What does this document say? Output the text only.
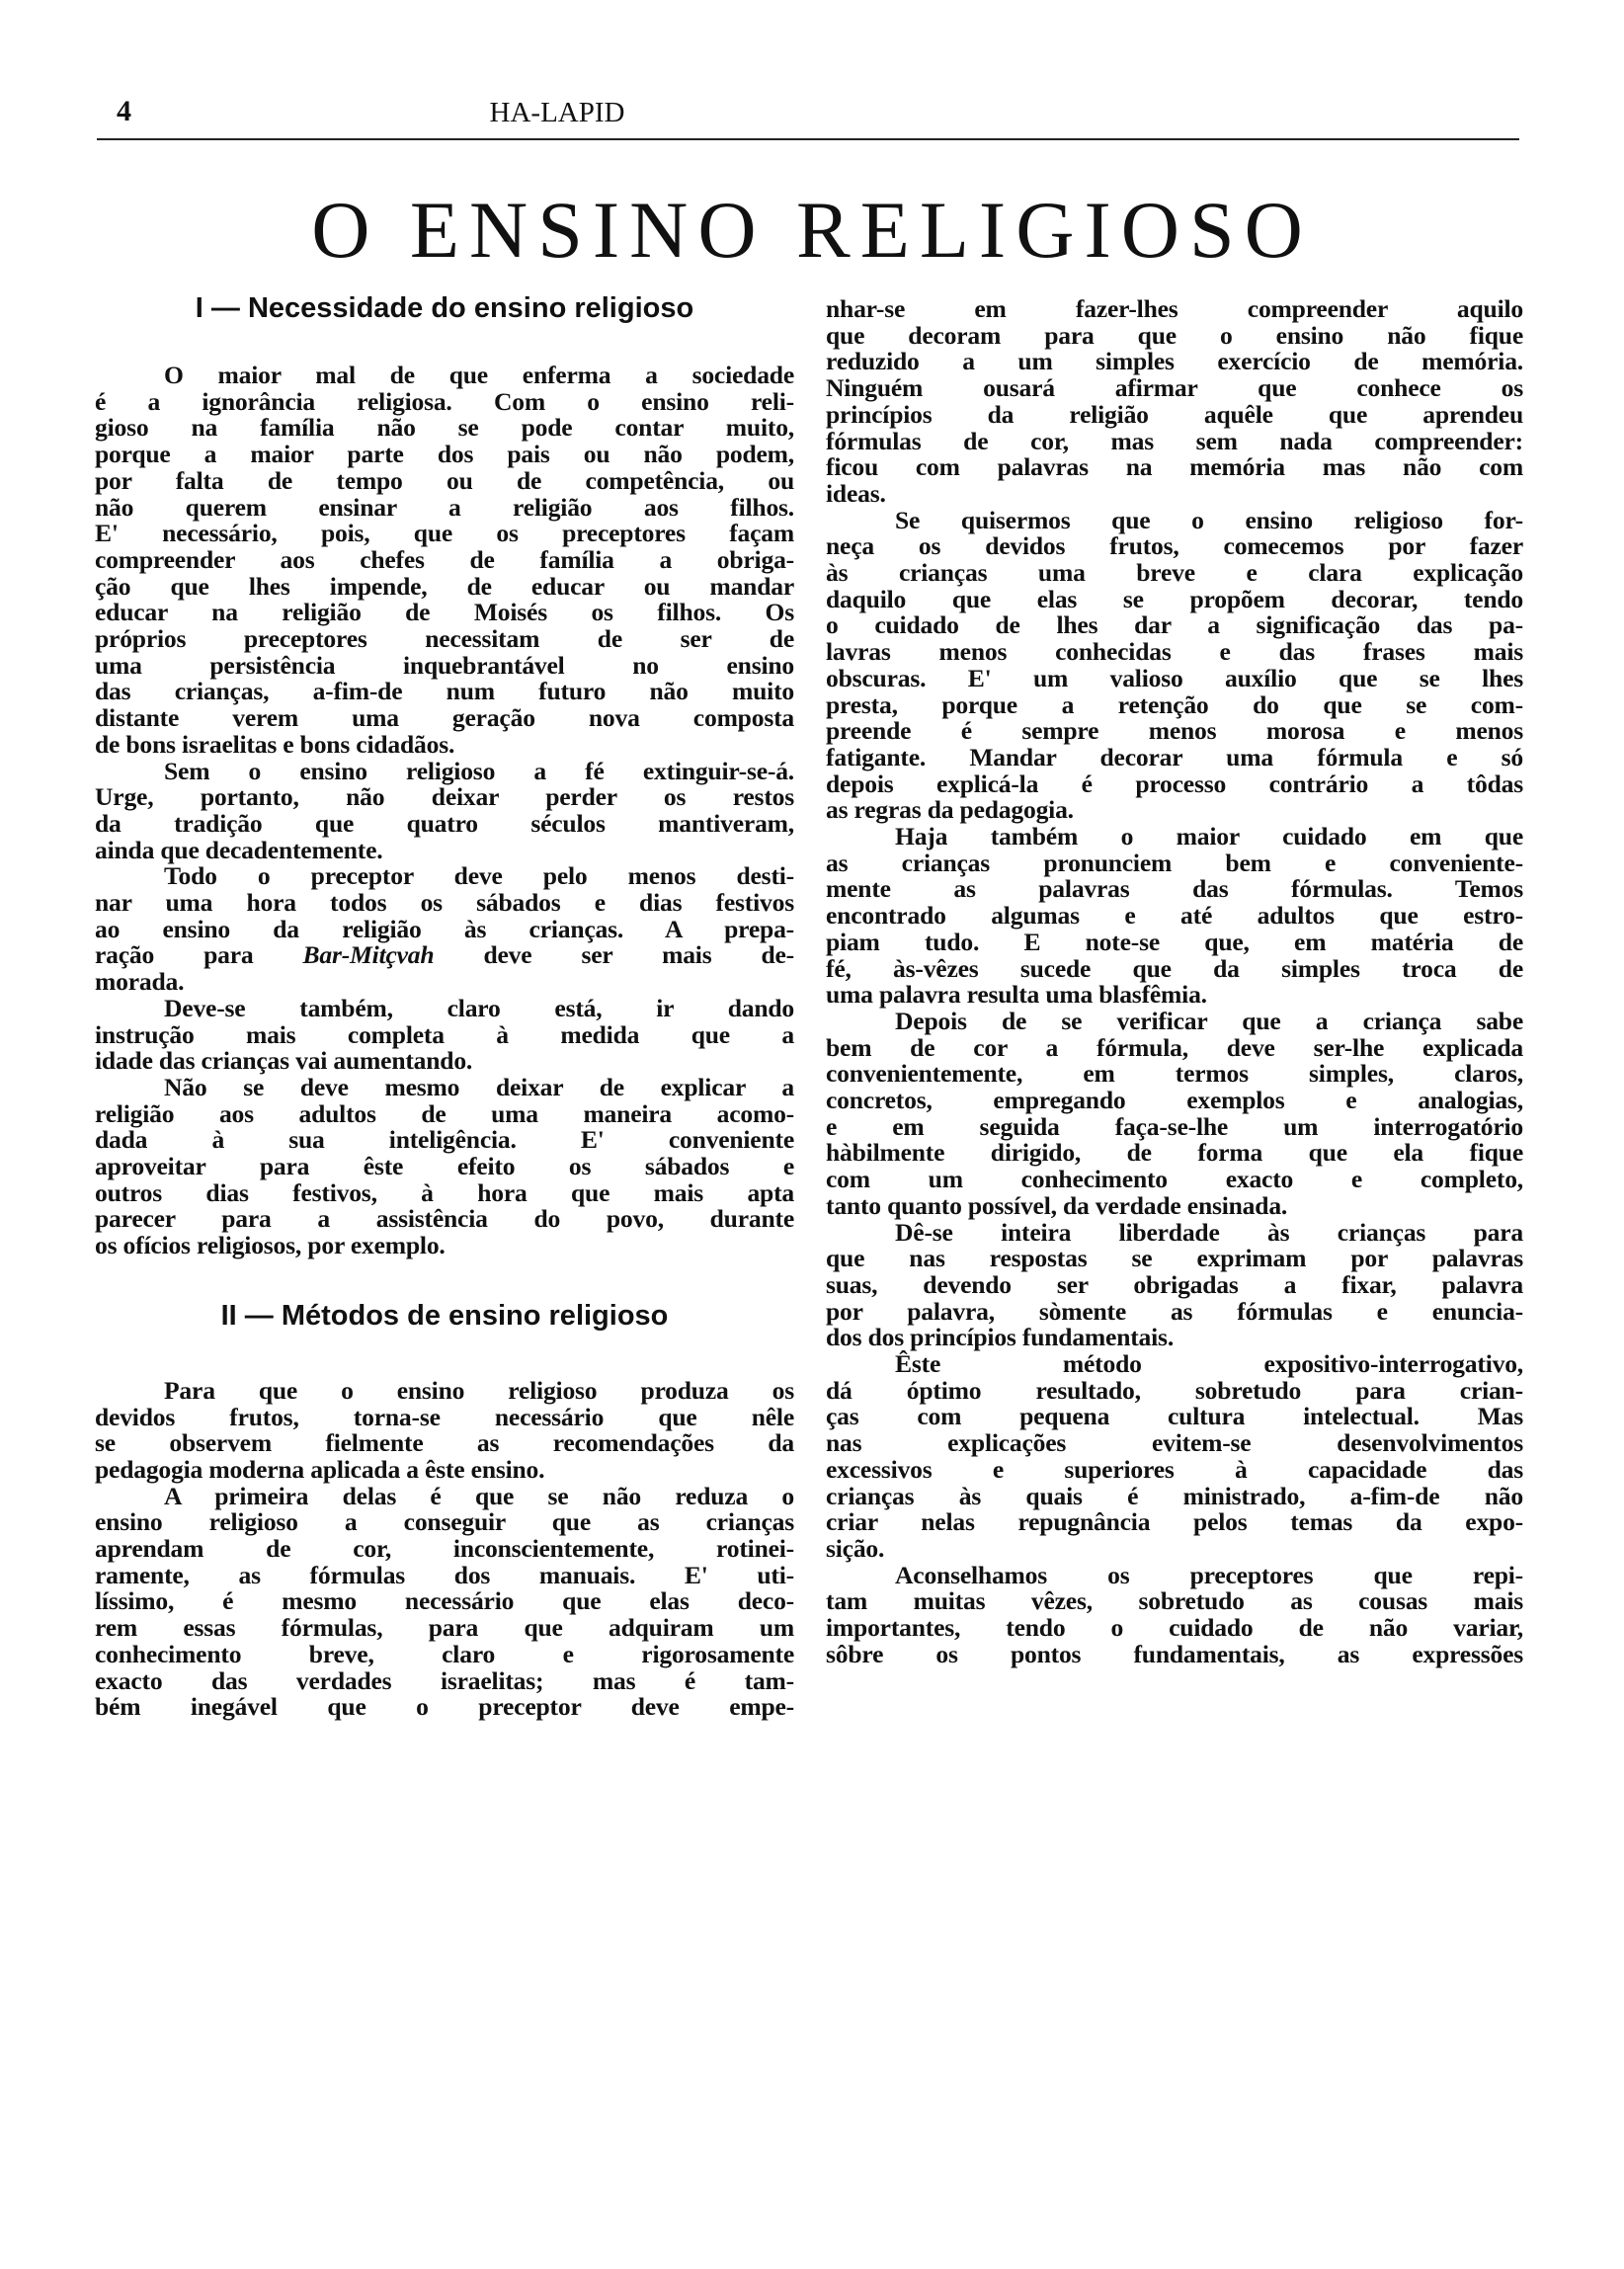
4	HA-LAPID
O ENSINO RELIGIOSO
I — Necessidade do ensino religioso
O maior mal de que enferma a sociedade
é a ignorância religiosa. Com o ensino reli-
gioso na família não se pode contar muito,
porque a maior parte dos pais ou não podem,
por falta de tempo ou de competência, ou
não querem ensinar a religião aos filhos.
E' necessário, pois, que os preceptores façam
compreender aos chefes de família a obriga-
ção que lhes impende, de educar ou mandar
educar na religião de Moisés os filhos. Os
próprios preceptores necessitam de ser de
uma persistência inquebrantável no ensino
das crianças, a-fim-de num futuro não muito
distante verem uma geração nova composta
de bons israelitas e bons cidadãos.
Sem o ensino religioso a fé extinguir-se-á.
Urge, portanto, não deixar perder os restos
da tradição que quatro séculos mantiveram,
ainda que decadentemente.
Todo o preceptor deve pelo menos desti-
nar uma hora todos os sábados e dias festivos
ao ensino da religião às crianças. A prepa-
ração para Bar-Mitçvah deve ser mais de-
morada.
Deve-se também, claro está, ir dando
instrução mais completa à medida que a
idade das crianças vai aumentando.
Não se deve mesmo deixar de explicar a
religião aos adultos de uma maneira acomo-
dada à sua inteligência. E' conveniente
aproveitar para êste efeito os sábados e
outros dias festivos, à hora que mais apta
parecer para a assistência do povo, durante
os ofícios religiosos, por exemplo.
II — Métodos de ensino religioso
Para que o ensino religioso produza os
devidos frutos, torna-se necessário que nêle
se observem fielmente as recomendações da
pedagogia moderna aplicada a êste ensino.
A primeira delas é que se não reduza o
ensino religioso a conseguir que as crianças
aprendam de cor, inconscientemente, rotinei-
ramente, as fórmulas dos manuais. E' uti-
líssimo, é mesmo necessário que elas deco-
rem essas fórmulas, para que adquiram um
conhecimento breve, claro e rigorosamente
exacto das verdades israelitas; mas é tam-
bém inegável que o preceptor deve empe-
nhar-se em fazer-lhes compreender aquilo
que decoram para que o ensino não fique
reduzido a um simples exercício de memória.
Ninguém ousará afirmar que conhece os
princípios da religião aquêle que aprendeu
fórmulas de cor, mas sem nada compreender:
ficou com palavras na memória mas não com
ideas.
Se quisermos que o ensino religioso for-
neça os devidos frutos, comecemos por fazer
às crianças uma breve e clara explicação
daquilo que elas se propõem decorar, tendo
o cuidado de lhes dar a significação das pa-
lavras menos conhecidas e das frases mais
obscuras. E' um valioso auxílio que se lhes
presta, porque a retenção do que se com-
preende é sempre menos morosa e menos
fatigante. Mandar decorar uma fórmula e só
depois explicá-la é processo contrário a tôdas
as regras da pedagogia.
Haja também o maior cuidado em que
as crianças pronunciem bem e conveniente-
mente as palavras das fórmulas. Temos
encontrado algumas e até adultos que estro-
piam tudo. E note-se que, em matéria de
fé, às-vêzes sucede que da simples troca de
uma palavra resulta uma blasfêmia.
Depois de se verificar que a criança sabe
bem de cor a fórmula, deve ser-lhe explicada
convenientemente, em termos simples, claros,
concretos, empregando exemplos e analogias,
e em seguida faça-se-lhe um interrogatório
hàbilmente dirigido, de forma que ela fique
com um conhecimento exacto e completo,
tanto quanto possível, da verdade ensinada.
Dê-se inteira liberdade às crianças para
que nas respostas se exprimam por palavras
suas, devendo ser obrigadas a fixar, palavra
por palavra, sòmente as fórmulas e enuncia-
dos dos princípios fundamentais.
Êste método expositivo-interrogativo,
dá óptimo resultado, sobretudo para crian-
ças com pequena cultura intelectual. Mas
nas explicações evitem-se desenvolvimentos
excessivos e superiores à capacidade das
crianças às quais é ministrado, a-fim-de não
criar nelas repugnância pelos temas da expo-
sição.
Aconselhamos os preceptores que repi-
tam muitas vêzes, sobretudo as cousas mais
importantes, tendo o cuidado de não variar,
sôbre os pontos fundamentais, as expressões
